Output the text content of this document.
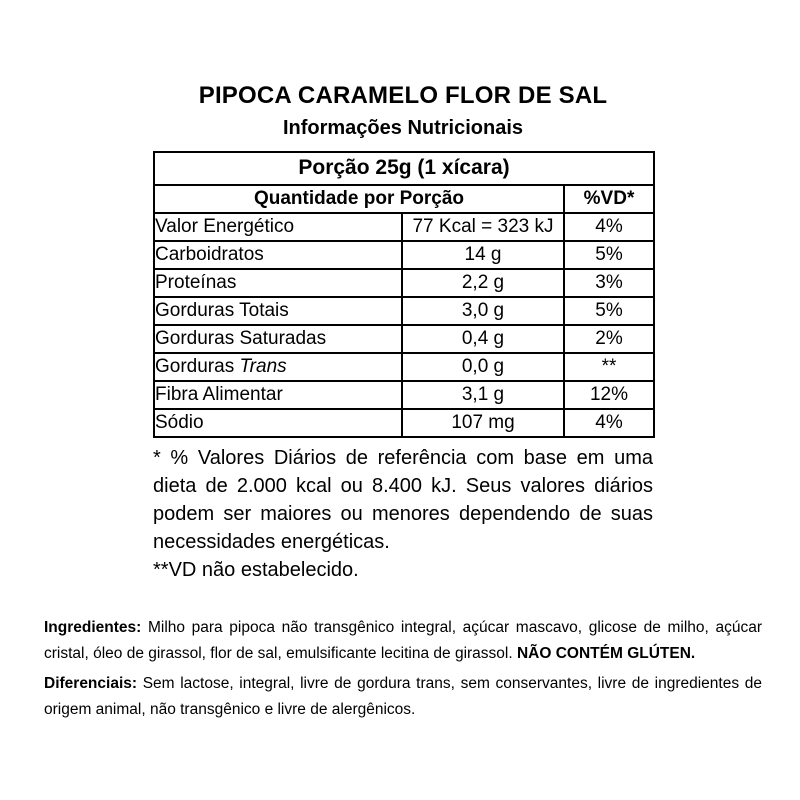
PIPOCA CARAMELO FLOR DE SAL
Informações Nutricionais
Porção 25g (1 xícara)		
Quantidade por Porção		%VD*
Valor Energético	77 Kcal = 323 kJ	4%
Carboidratos	14 g	5%
Proteínas	2,2 g	3%
Gorduras Totais	3,0 g	5%
Gorduras Saturadas	0,4 g	2%
Gorduras Trans	0,0 g	**
Fibra Alimentar	3,1 g	12%
Sódio	107 mg	4%

* % Valores Diários de referência com base em uma dieta de 2.000 kcal ou 8.400 kJ. Seus valores diários podem ser maiores ou menores dependendo de suas necessidades energéticas.

**VD não estabelecido.

Ingredientes: Milho para pipoca não transgênico integral, açúcar mascavo, glicose de milho, açúcar cristal, óleo de girassol, flor de sal, emulsificante lecitina de girassol. NÃO CONTÉM GLÚTEN.

Diferenciais: Sem lactose, integral, livre de gordura trans, sem conservantes, livre de ingredientes de origem animal, não transgênico e livre de alergênicos.
